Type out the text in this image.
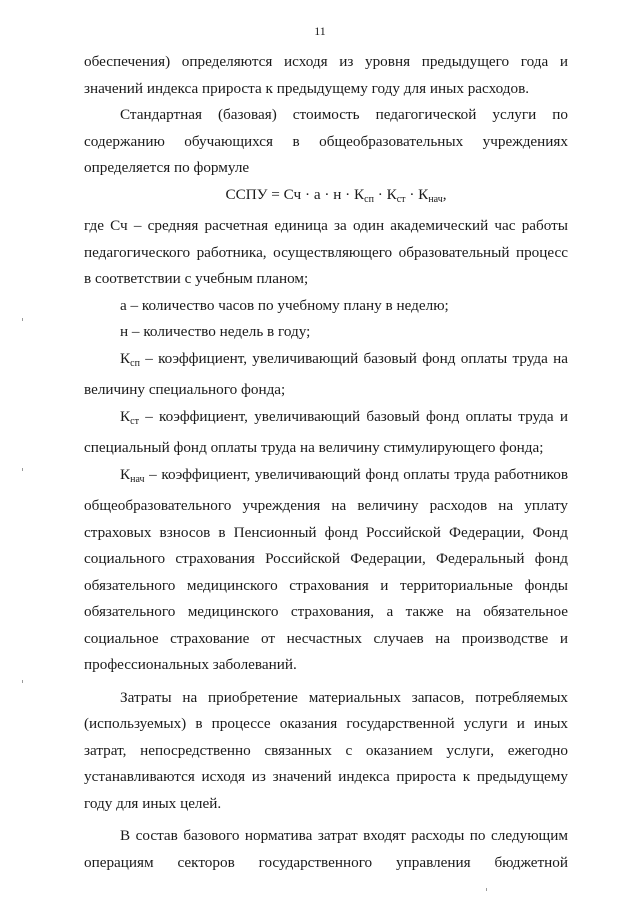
11

обеспечения) определяются исходя из уровня предыдущего года и значений индекса прироста к предыдущему году для иных расходов.

Стандартная (базовая) стоимость педагогической услуги по содержанию обучающихся в общеобразовательных учреждениях определяется по формуле

ССПУ = Сч · $а \cdot н \cdot К_{сп} \cdot К_{ст} \cdot К_{нач}$,

где Сч – средняя расчетная единица за один академический час работы педагогического работника, осуществляющего образовательный процесс в соответствии с учебным планом;

а – количество часов по учебному плану в неделю;

н – количество недель в году;

$К_{сп}$ – коэффициент, увеличивающий базовый фонд оплаты труда на величину специального фонда;

$К_{ст}$ – коэффициент, увеличивающий базовый фонд оплаты труда и специальный фонд оплаты труда на величину стимулирующего фонда;

$К_{нач}$ – коэффициент, увеличивающий фонд оплаты труда работников общеобразовательного учреждения на величину расходов на уплату страховых взносов в Пенсионный фонд Российской Федерации, Фонд социального страхования Российской Федерации, Федеральный фонд обязательного медицинского страхования и территориальные фонды обязательного медицинского страхования, а также на обязательное социальное страхование от несчастных случаев на производстве и профессиональных заболеваний.

Затраты на приобретение материальных запасов, потребляемых (используемых) в процессе оказания государственной услуги и иных затрат, непосредственно связанных с оказанием услуги, ежегодно устанавливаются исходя из значений индекса прироста к предыдущему году для иных целей.

В состав базового норматива затрат входят расходы по следующим операциям секторов государственного управления бюджетной
